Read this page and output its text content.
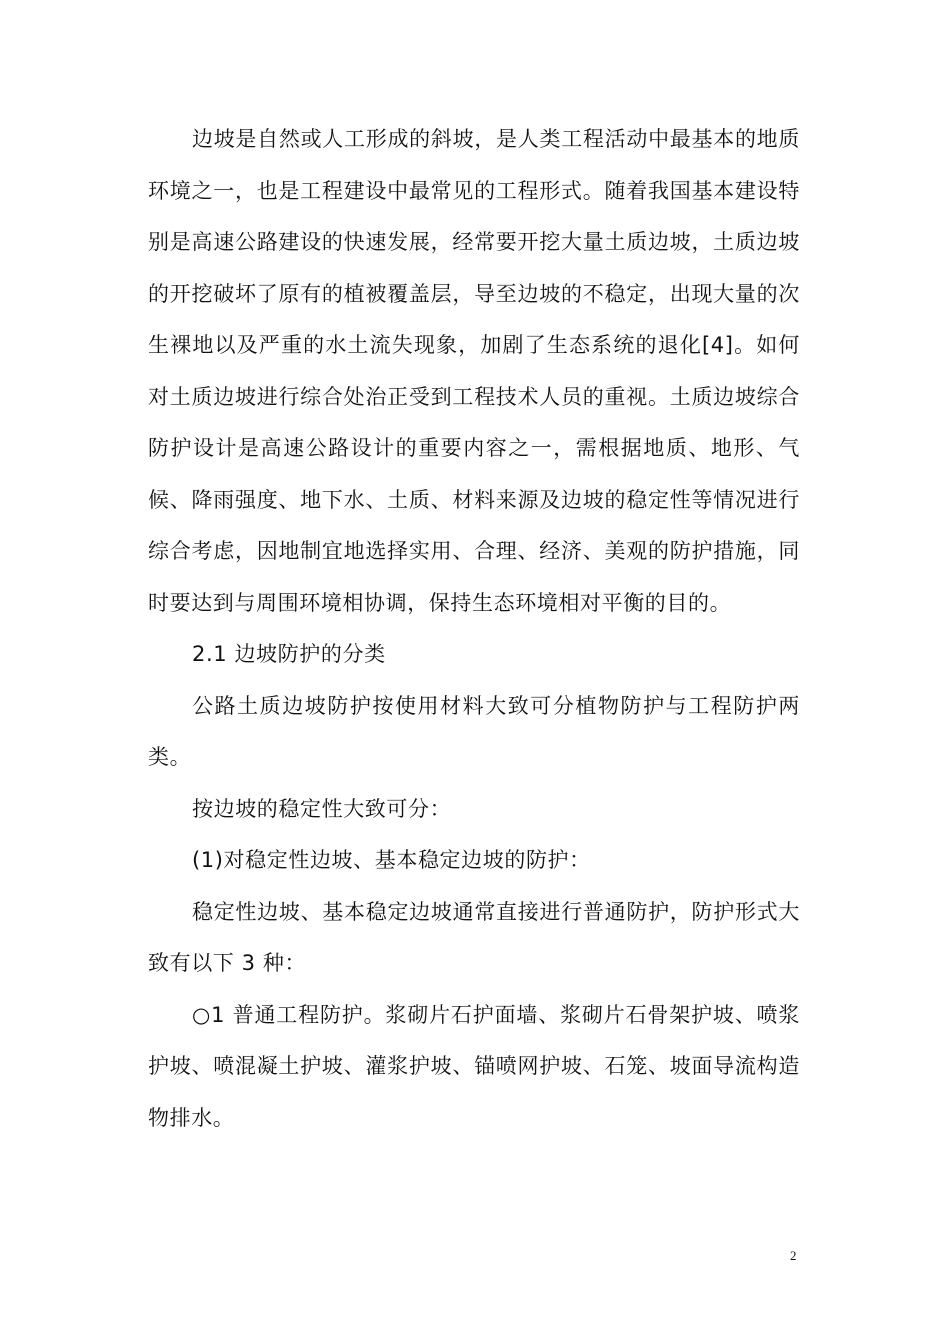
边坡是自然或人工形成的斜坡，是人类工程活动中最基本的地质环境之一，也是工程建设中最常见的工程形式。随着我国基本建设特别是高速公路建设的快速发展，经常要开挖大量土质边坡，土质边坡的开挖破坏了原有的植被覆盖层，导至边坡的不稳定，出现大量的次生裸地以及严重的水土流失现象，加剧了生态系统的退化[4]。如何对土质边坡进行综合处治正受到工程技术人员的重视。土质边坡综合防护设计是高速公路设计的重要内容之一，需根据地质、地形、气候、降雨强度、地下水、土质、材料来源及边坡的稳定性等情况进行综合考虑，因地制宜地选择实用、合理、经济、美观的防护措施，同时要达到与周围环境相协调，保持生态环境相对平衡的目的。

2.1 边坡防护的分类

公路土质边坡防护按使用材料大致可分植物防护与工程防护两类。

按边坡的稳定性大致可分：

(1)对稳定性边坡、基本稳定边坡的防护：

稳定性边坡、基本稳定边坡通常直接进行普通防护，防护形式大致有以下 3 种：

○1 普通工程防护。浆砌片石护面墙、浆砌片石骨架护坡、喷浆护坡、喷混凝土护坡、灌浆护坡、锚喷网护坡、石笼、坡面导流构造物排水。

2
